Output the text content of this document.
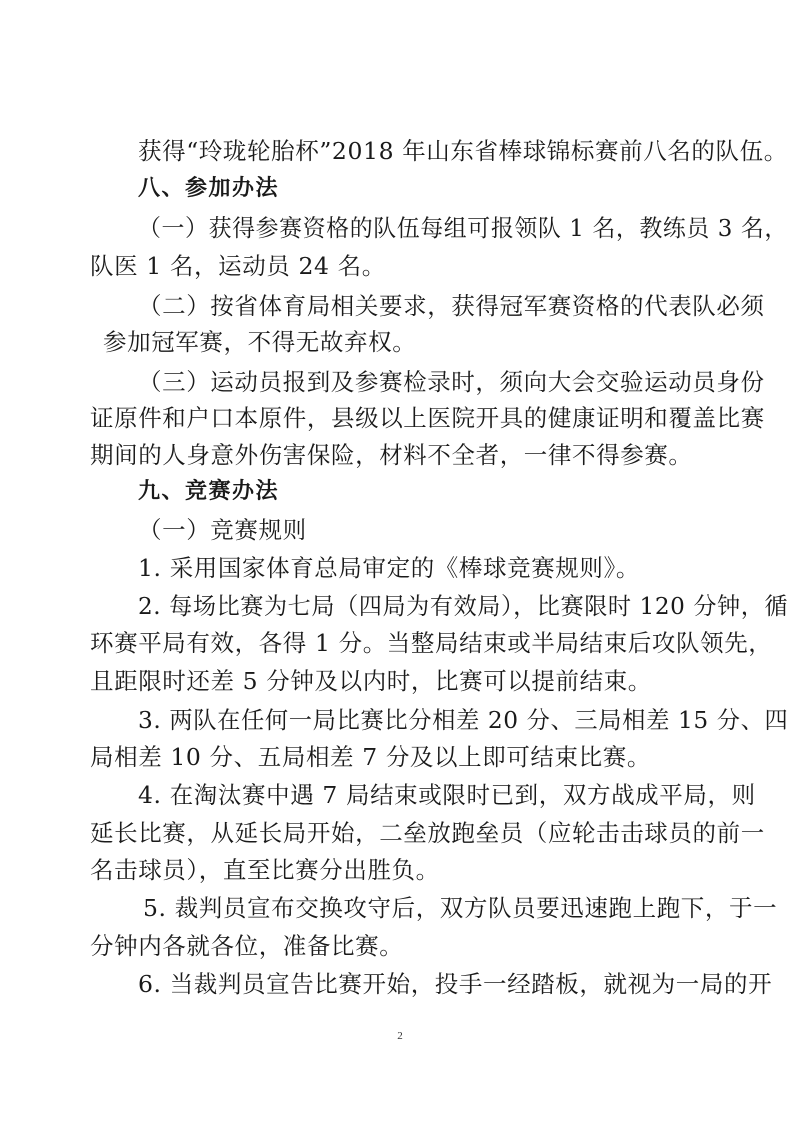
获得“玲珑轮胎杯”2018 年山东省棒球锦标赛前八名的队伍。
八、参加办法
（一）获得参赛资格的队伍每组可报领队 1 名，教练员 3 名，
队医 1 名，运动员 24 名。
（二）按省体育局相关要求，获得冠军赛资格的代表队必须
参加冠军赛，不得无故弃权。
（三）运动员报到及参赛检录时，须向大会交验运动员身份
证原件和户口本原件，县级以上医院开具的健康证明和覆盖比赛
期间的人身意外伤害保险，材料不全者，一律不得参赛。
九、竞赛办法
（一）竞赛规则
1. 采用国家体育总局审定的《棒球竞赛规则》。
2. 每场比赛为七局（四局为有效局），比赛限时 120 分钟，循
环赛平局有效，各得 1 分。当整局结束或半局结束后攻队领先，
且距限时还差 5 分钟及以内时，比赛可以提前结束。
3. 两队在任何一局比赛比分相差 20 分、三局相差 15 分、四
局相差 10 分、五局相差 7 分及以上即可结束比赛。
4. 在淘汰赛中遇 7 局结束或限时已到，双方战成平局，则
延长比赛，从延长局开始，二垒放跑垒员（应轮击击球员的前一
名击球员），直至比赛分出胜负。
5. 裁判员宣布交换攻守后，双方队员要迅速跑上跑下，于一
分钟内各就各位，准备比赛。
6. 当裁判员宣告比赛开始，投手一经踏板，就视为一局的开
2
